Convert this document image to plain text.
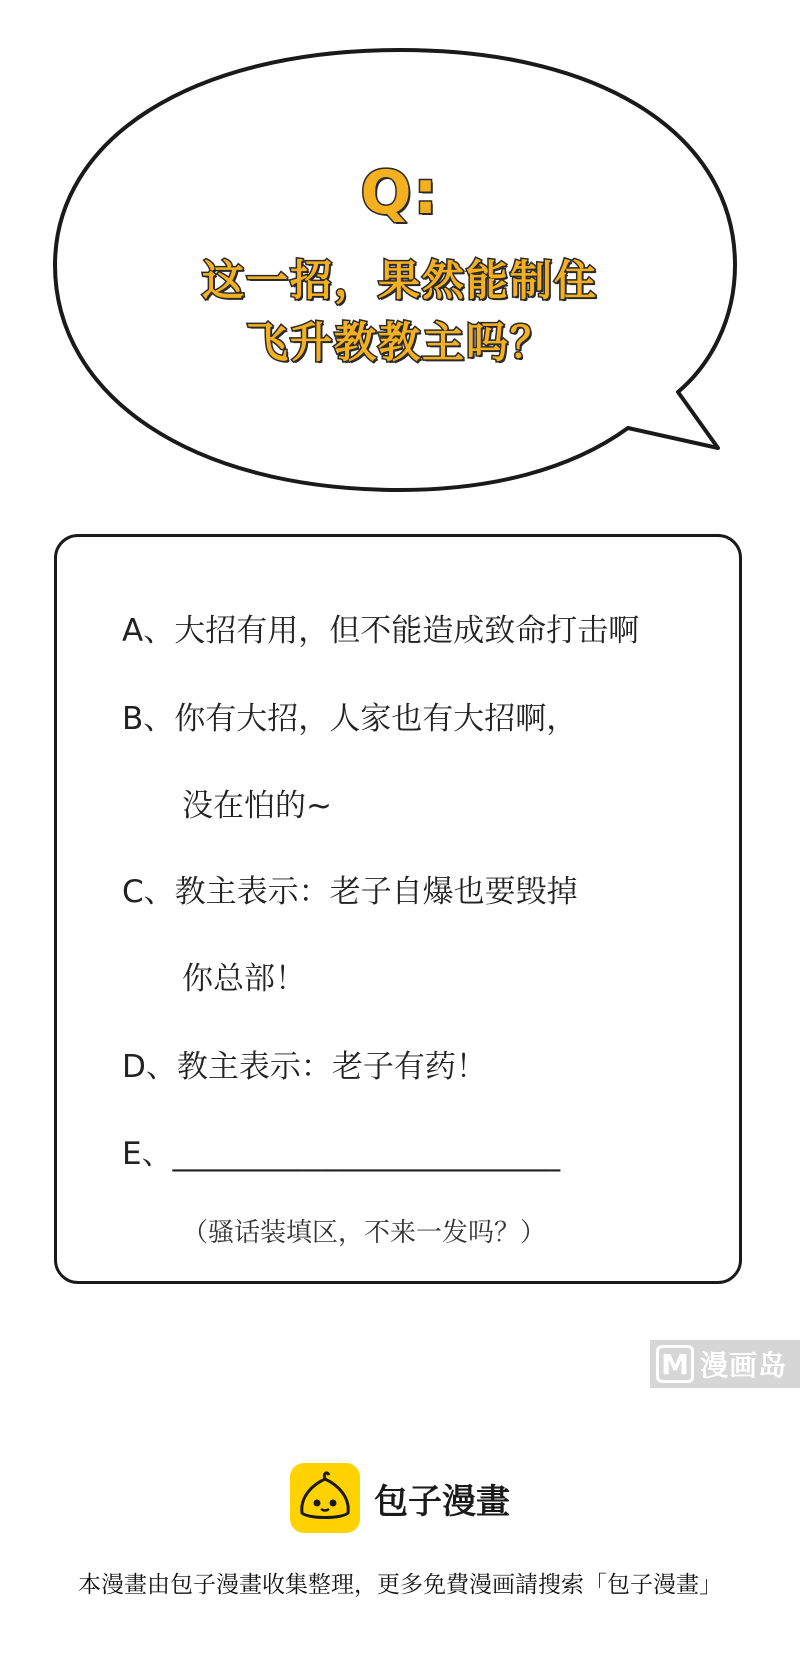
Q:
这一招，果然能制住
飞升教教主吗？
A、大招有用，但不能造成致命打击啊
B、你有大招，人家也有大招啊，
没在怕的~
C、教主表示：老子自爆也要毁掉
你总部！
D、教主表示：老子有药！
E、_________________________
（骚话装填区，不来一发吗？）
M 漫画岛
包子漫畫
本漫畫由包子漫畫收集整理，更多免費漫画請搜索「包子漫畫」
